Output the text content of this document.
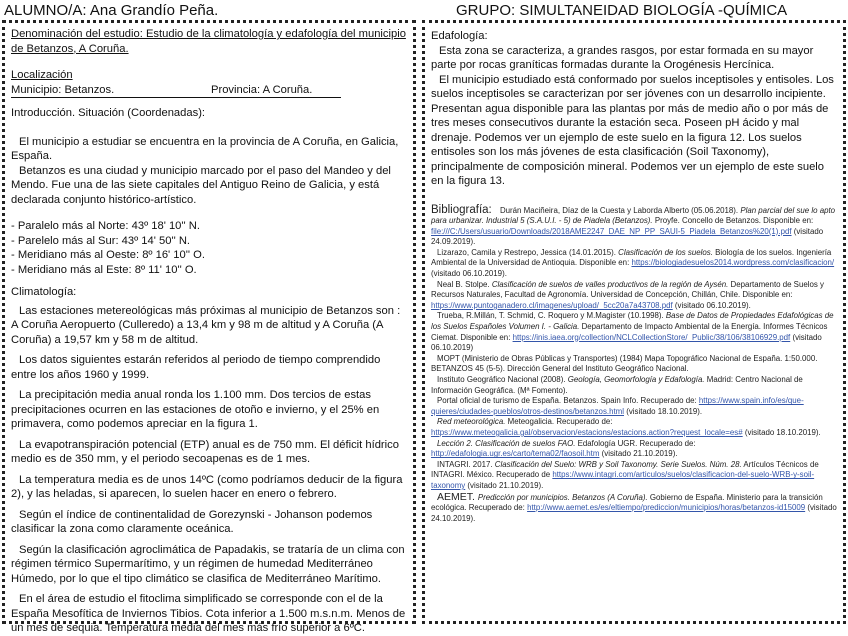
ALUMNO/A: Ana Grandío Peña.	GRUPO: SIMULTANEIDAD BIOLOGÍA -QUÍMICA
Denominación del estudio: Estudio de la climatología y edafología del municipio de Betanzos, A Coruña.
Localización
Municipio: Betanzos.	Provincia: A Coruña.
Introducción. Situación (Coordenadas):

El municipio a estudiar se encuentra en la provincia de A Coruña, en Galicia, España.

Betanzos es una ciudad y municipio marcado por el paso del Mandeo y del Mendo. Fue una de las siete capitales del Antiguo Reino de Galicia, y está declarada conjunto histórico-artístico.

- Paralelo más al Norte: 43º 18' 10'' N.
- Parelelo más al Sur: 43º 14' 50'' N.
- Meridiano más al Oeste: 8º 16' 10'' O.
- Meridiano más al Este: 8º 11' 10'' O.
Climatología:

Las estaciones metereológicas más próximas al municipio de Betanzos son : A Coruña Aeropuerto (Culleredo) a 13,4 km y 98 m de altitud y A Coruña (A Coruña) a 19,57 km y 58 m de altitud.

Los datos siguientes estarán referidos al periodo de tiempo comprendido entre los años 1960 y 1999.

La precipitación media anual ronda los 1.100 mm. Dos tercios de estas precipitaciones ocurren en las estaciones de otoño e invierno, y el 25% en primavera, como podemos apreciar en la figura 1.

La evapotranspiración potencial (ETP) anual es de 750 mm. El déficit hídrico medio es de 350 mm, y el periodo secoapenas es de 1 mes.

La temperatura media es de unos 14ºC (como podríamos deducir de la figura 2), y las heladas, si aparecen, lo suelen hacer en enero o febrero.

Según el índice de continentalidad de Gorezynski - Johanson podemos clasificar la zona como claramente oceánica.

Según la clasificación agroclimática de Papadakis, se trataría de un clima con régimen térmico Supermarítimo, y un régimen de humedad Mediterráneo Húmedo, por lo que el tipo climático se clasifica de Mediterráneo Marítimo.

En el área de estudio el fitoclima simplificado se corresponde con el de la España Mesofítica de Inviernos Tibios. Cota inferior a 1.500 m.s.n.m. Menos de un mes de sequia. Temperatura media del mes más frío superior a 6ºC.

Edafología:

Esta zona se caracteriza, a grandes rasgos, por estar formada en su mayor parte por rocas graníticas formadas durante la Orogénesis Hercínica.

El municipio estudiado está conformado por suelos inceptisoles y entisoles. Los suelos inceptisoles se caracterizan por ser jóvenes con un desarrollo incipiente. Presentan agua disponible para las plantas por más de medio año o por más de tres meses consecutivos durante la estación seca. Poseen pH ácido y mal drenaje. Podemos ver un ejemplo de este suelo en la figura 12. Los suelos entisoles son los más jóvenes de esta clasificación (Soil Taxonomy), principalmente de composición mineral. Podemos ver un ejemplo de este suelo en la figura 13.

Bibliografía: Durán Maciñeira, Díaz de la Cuesta y Laborda Alberto (05.06.2018). Plan parcial del sue lo apto para urbanizar. Industrial 5 (S.A.U.I. - 5) de Piadela (Betanzos). Proyfe. Concello de Betanzos. Disponible en: file:///C:/Users/usuario/Downloads/2018AME2247_DAE_NP_PP_SAUI-5_Piadela_Betanzos%20(1).pdf (visitado 24.09.2019).
Lizarazo, Camila y Restrepo, Jessica (14.01.2015). Clasificación de los suelos. Biología de los suelos. Ingeniería Ambiental de la Universidad de Antioquia. Disponible en: https://biologiadesuelos2014.wordpress.com/clasificacion/ (visitado 06.10.2019).
Neal B. Stolpe. Clasificación de suelos de valles productivos de la región de Aysén. Departamento de Suelos y Recursos Naturales, Facultad de Agronomía. Universidad de Concepción, Chillán, Chile. Disponible en: https://www.puntoganadero.cl/imagenes/upload/_5cc20a7a43708.pdf (visitado 06.10.2019).
Trueba, R.Millán, T. Schmid, C. Roquero y M.Magister (10.1998). Base de Datos de Propiedades Edafológicas de los Suelos Españoles Volumen I. - Galicia. Departamento de Impacto Ambiental de la Energía. Informes Técnicos Ciemat. Disponible en: https://inis.iaea.org/collection/NCLCollectionStore/_Public/38/106/38106929.pdf (visitado 06.10.2019)
MOPT (Ministerio de Obras Públicas y Transportes) (1984) Mapa Topográfico Nacional de España. 1:50.000. BETANZOS 45 (5-5). Dirección General del Instituto Geográfico Nacional.
Instituto Geográfico Nacional (2008). Geología, Geomorfología y Edafología. Madrid: Centro Nacional de Información Geográfica. (Mª Fomento).
Portal oficial de turismo de España. Betanzos. Spain Info. Recuperado de: https://www.spain.info/es/que-quieres/ciudades-pueblos/otros-destinos/betanzos.html (visitado 18.10.2019).
Red meteorológica. Meteogalicia. Recuperado de: https://www.meteogalicia.gal/observacion/estacions/estacions.action?request_locale=es# (visitado 18.10.2019).
Lección 2. Clasificación de suelos FAO. Edafología UGR. Recuperado de: http://edafologia.ugr.es/carto/tema02/faosoil.htm (visitado 21.10.2019).
INTAGRI. 2017. Clasificación del Suelo: WRB y Soil Taxonomy. Serie Suelos. Núm. 28. Artículos Técnicos de INTAGRI. México. Recuperado de https://www.intagri.com/articulos/suelos/clasificacion-del-suelo-WRB-y-soil-taxonomy (visitado 21.10.2019).
AEMET. Predicción por municipios. Betanzos (A Coruña). Gobierno de España. Ministerio para la transición ecológica. Recuperado de: http://www.aemet.es/es/eltiempo/prediccion/municipios/horas/betanzos-id15009 (visitado 24.10.2019).
